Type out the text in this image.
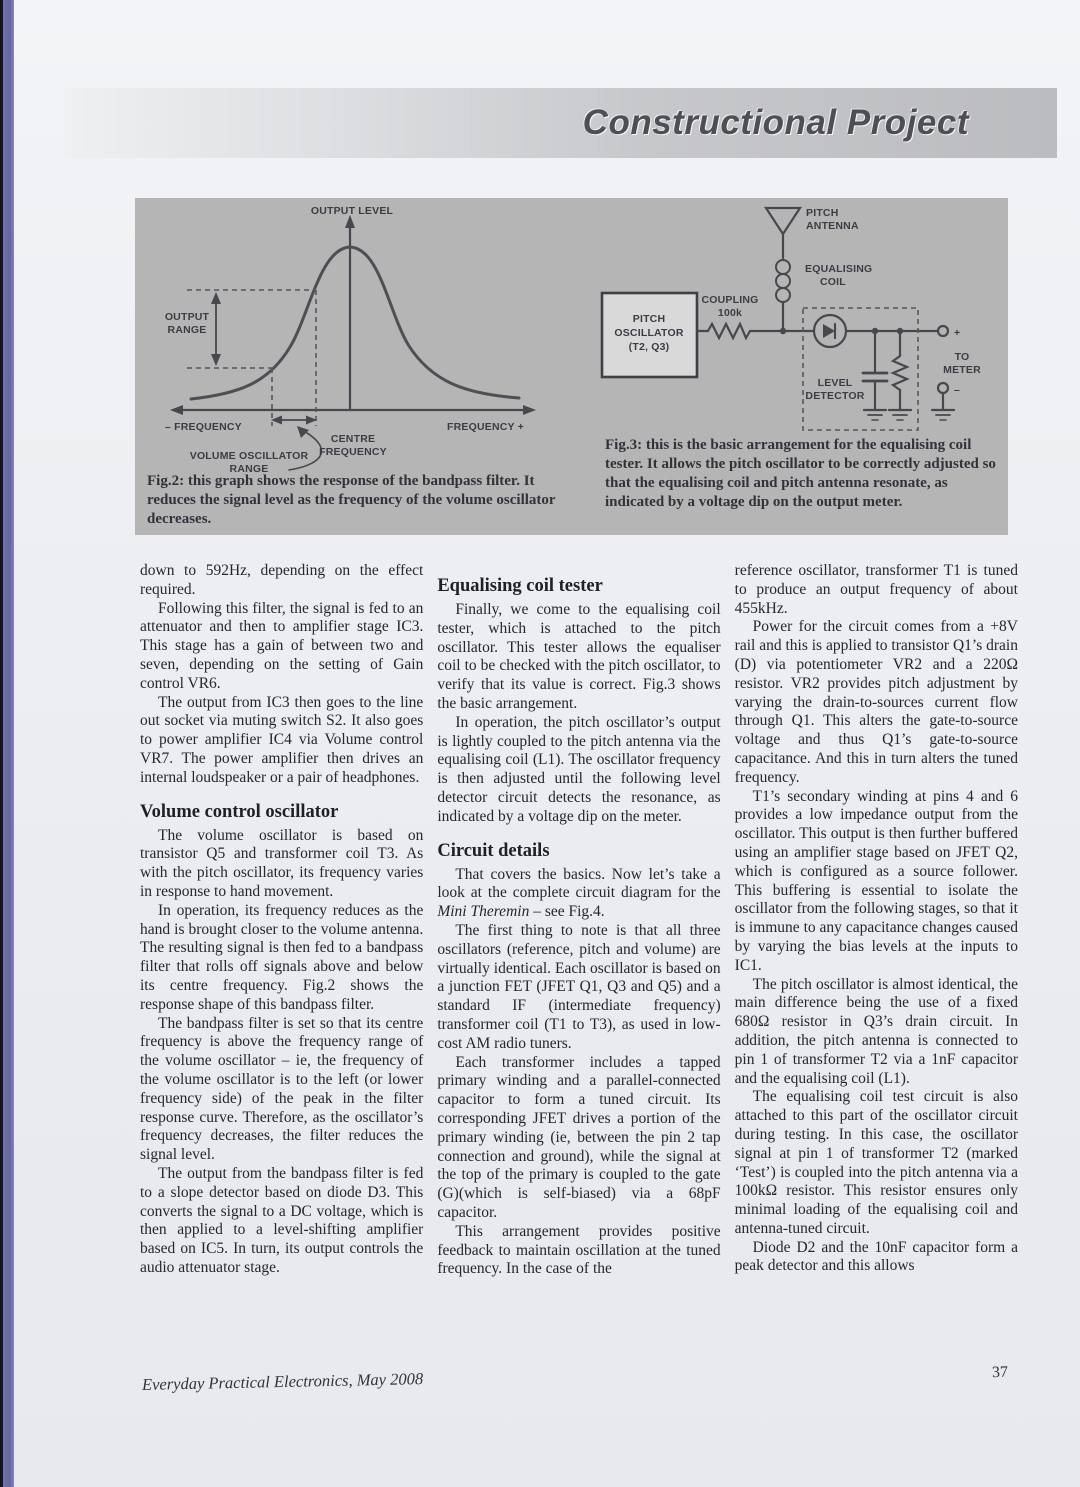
Constructional Project
OUTPUT LEVEL
OUTPUT
RANGE
– FREQUENCY	FREQUENCY +
CENTRE
FREQUENCY
VOLUME OSCILLATOR
RANGE
PITCH
OSCILLATOR
(T2, Q3)
PITCH
ANTENNA
EQUALISING
COIL
COUPLING
100k
LEVEL
DETECTOR
+
–
TO
METER

Fig.2: this graph shows the response of the bandpass filter. It reduces the signal level as the frequency of the volume oscillator decreases.

Fig.3: this is the basic arrangement for the equalising coil tester. It allows the pitch oscillator to be correctly adjusted so that the equalising coil and pitch antenna resonate, as indicated by a voltage dip on the output meter.

down to 592Hz, depending on the effect required.

Following this filter, the signal is fed to an attenuator and then to amplifier stage IC3. This stage has a gain of between two and seven, depending on the setting of Gain control VR6.

The output from IC3 then goes to the line out socket via muting switch S2. It also goes to power amplifier IC4 via Volume control VR7. The power amplifier then drives an internal loudspeaker or a pair of headphones.

Volume control oscillator

The volume oscillator is based on transistor Q5 and transformer coil T3. As with the pitch oscillator, its frequency varies in response to hand movement.

In operation, its frequency reduces as the hand is brought closer to the volume antenna. The resulting signal is then fed to a bandpass filter that rolls off signals above and below its centre frequency. Fig.2 shows the response shape of this bandpass filter.

The bandpass filter is set so that its centre frequency is above the frequency range of the volume oscillator – ie, the frequency of the volume oscillator is to the left (or lower frequency side) of the peak in the filter response curve. Therefore, as the oscillator’s frequency decreases, the filter reduces the signal level.

The output from the bandpass filter is fed to a slope detector based on diode D3. This converts the signal to a DC voltage, which is then applied to a level-shifting amplifier based on IC5. In turn, its output controls the audio attenuator stage.

Equalising coil tester

Finally, we come to the equalising coil tester, which is attached to the pitch oscillator. This tester allows the equaliser coil to be checked with the pitch oscillator, to verify that its value is correct. Fig.3 shows the basic arrangement.

In operation, the pitch oscillator’s output is lightly coupled to the pitch antenna via the equalising coil (L1). The oscillator frequency is then adjusted until the following level detector circuit detects the resonance, as indicated by a voltage dip on the meter.

Circuit details

That covers the basics. Now let’s take a look at the complete circuit diagram for the Mini Theremin – see Fig.4.

The first thing to note is that all three oscillators (reference, pitch and volume) are virtually identical. Each oscillator is based on a junction FET (JFET Q1, Q3 and Q5) and a standard IF (intermediate frequency) transformer coil (T1 to T3), as used in low-cost AM radio tuners.

Each transformer includes a tapped primary winding and a parallel-connected capacitor to form a tuned circuit. Its corresponding JFET drives a portion of the primary winding (ie, between the pin 2 tap connection and ground), while the signal at the top of the primary is coupled to the gate (G)(which is self-biased) via a 68pF capacitor.

This arrangement provides positive feedback to maintain oscillation at the tuned frequency. In the case of the

reference oscillator, transformer T1 is tuned to produce an output frequency of about 455kHz.

Power for the circuit comes from a +8V rail and this is applied to transistor Q1’s drain (D) via potentiometer VR2 and a 220Ω resistor. VR2 provides pitch adjustment by varying the drain-to-sources current flow through Q1. This alters the gate-to-source voltage and thus Q1’s gate-to-source capacitance. And this in turn alters the tuned frequency.

T1’s secondary winding at pins 4 and 6 provides a low impedance output from the oscillator. This output is then further buffered using an amplifier stage based on JFET Q2, which is configured as a source follower. This buffering is essential to isolate the oscillator from the following stages, so that it is immune to any capacitance changes caused by varying the bias levels at the inputs to IC1.

The pitch oscillator is almost identical, the main difference being the use of a fixed 680Ω resistor in Q3’s drain circuit. In addition, the pitch antenna is connected to pin 1 of transformer T2 via a 1nF capacitor and the equalising coil (L1).

The equalising coil test circuit is also attached to this part of the oscillator circuit during testing. In this case, the oscillator signal at pin 1 of transformer T2 (marked ‘Test’) is coupled into the pitch antenna via a 100kΩ resistor. This resistor ensures only minimal loading of the equalising coil and antenna-tuned circuit.

Diode D2 and the 10nF capacitor form a peak detector and this allows

Everyday Practical Electronics, May 2008	37
